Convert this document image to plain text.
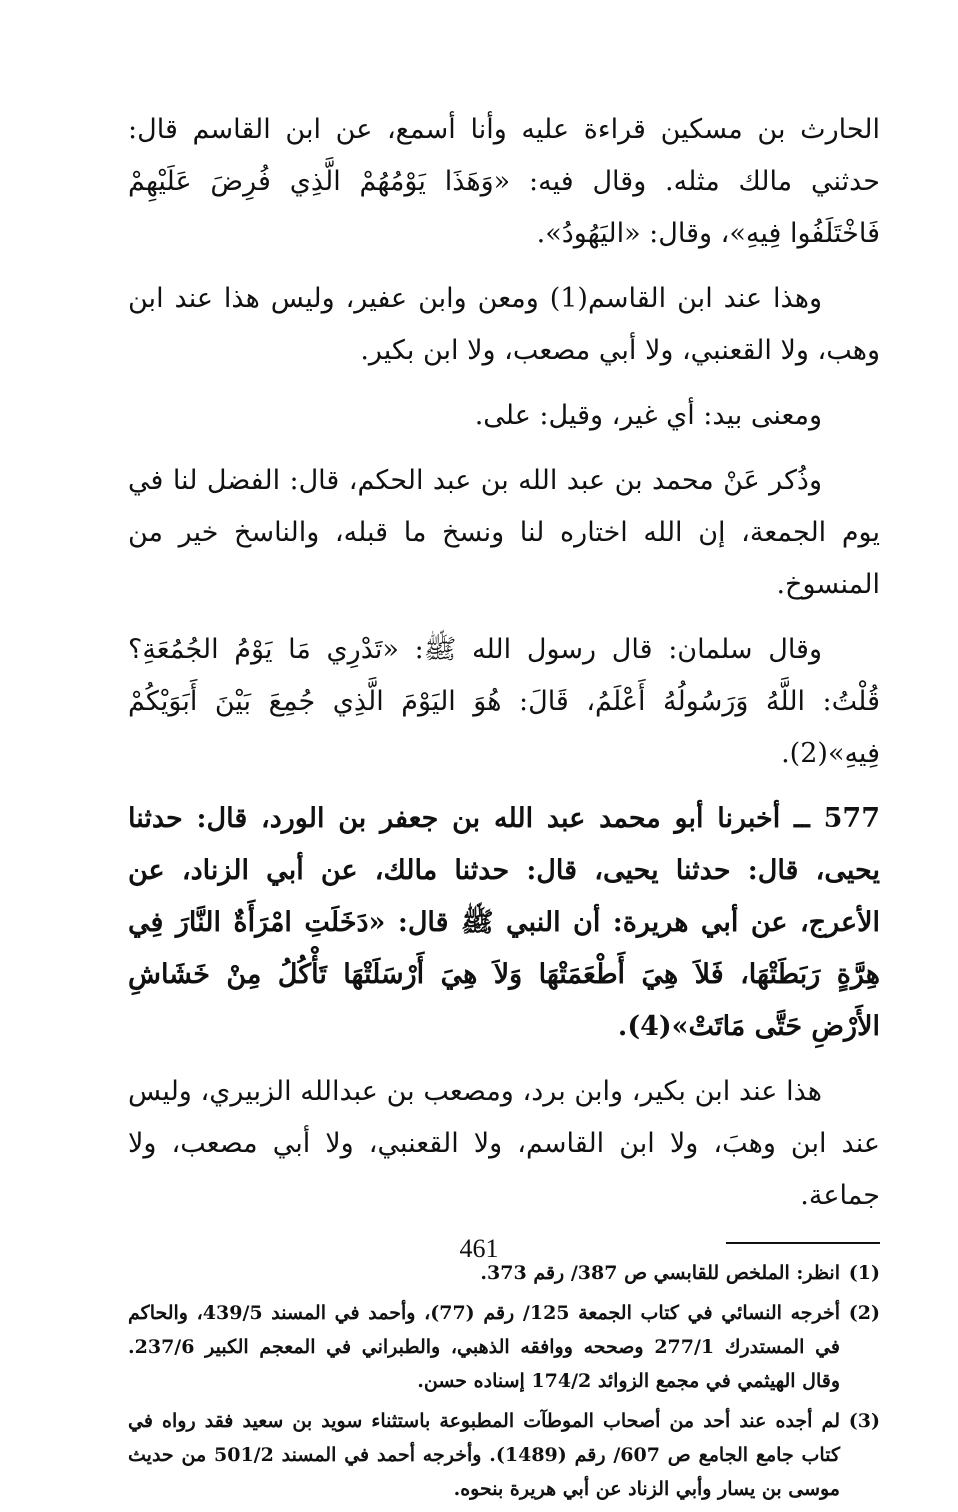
الحارث بن مسكين قراءة عليه وأنا أسمع، عن ابن القاسم قال: حدثني مالك مثله. وقال فيه: «وَهَذَا يَوْمُهُمْ الَّذِي فُرِضَ عَلَيْهِمْ فَاخْتَلَفُوا فِيهِ»، وقال: «اليَهُودُ».

وهذا عند ابن القاسم(1) ومعن وابن عفير، وليس هذا عند ابن وهب، ولا القعنبي، ولا أبي مصعب، ولا ابن بكير.

ومعنى بيد: أي غير، وقيل: على.

وذُكر عَنْ محمد بن عبد الله بن عبد الحكم، قال: الفضل لنا في يوم الجمعة، إن الله اختاره لنا ونسخ ما قبله، والناسخ خير من المنسوخ.

وقال سلمان: قال رسول الله ﷺ: «تَدْرِي مَا يَوْمُ الجُمُعَةِ؟ قُلْتُ: اللَّهُ وَرَسُولُهُ أَعْلَمُ، قَالَ: هُوَ اليَوْمَ الَّذِي جُمِعَ بَيْنَ أَبَوَيْكُمْ فِيهِ»(2).

577 ــ أخبرنا أبو محمد عبد الله بن جعفر بن الورد، قال: حدثنا يحيى، قال: حدثنا يحيى، قال: حدثنا مالك، عن أبي الزناد، عن الأعرج، عن أبي هريرة: أن النبي ﷺ قال: «دَخَلَتِ امْرَأَةٌ النَّارَ فِي هِرَّةٍ رَبَطَتْهَا، فَلاَ هِيَ أَطْعَمَتْهَا وَلاَ هِيَ أَرْسَلَتْهَا تَأْكُلُ مِنْ خَشَاشِ الأَرْضِ حَتَّى مَاتَتْ»(4).

هذا عند ابن بكير، وابن برد، ومصعب بن عبدالله الزبيري، وليس عند ابن وهبَ، ولا ابن القاسم، ولا القعنبي، ولا أبي مصعب، ولا جماعة.

(1)
انظر: الملخص للقابسي ص 387/ رقم 373.
(2)
أخرجه النسائي في كتاب الجمعة 125/ رقم (77)، وأحمد في المسند 439/5، والحاكم في المستدرك 277/1 وصححه ووافقه الذهبي، والطبراني في المعجم الكبير 237/6. وقال الهيثمي في مجمع الزوائد 174/2 إسناده حسن.
(3)
لم أجده عند أحد من أصحاب الموطآت المطبوعة باستثناء سويد بن سعيد فقد رواه في كتاب جامع الجامع ص 607/ رقم (1489). وأخرجه أحمد في المسند 501/2 من حديث موسى بن يسار وأبي الزناد عن أبي هريرة بنحوه.
461
